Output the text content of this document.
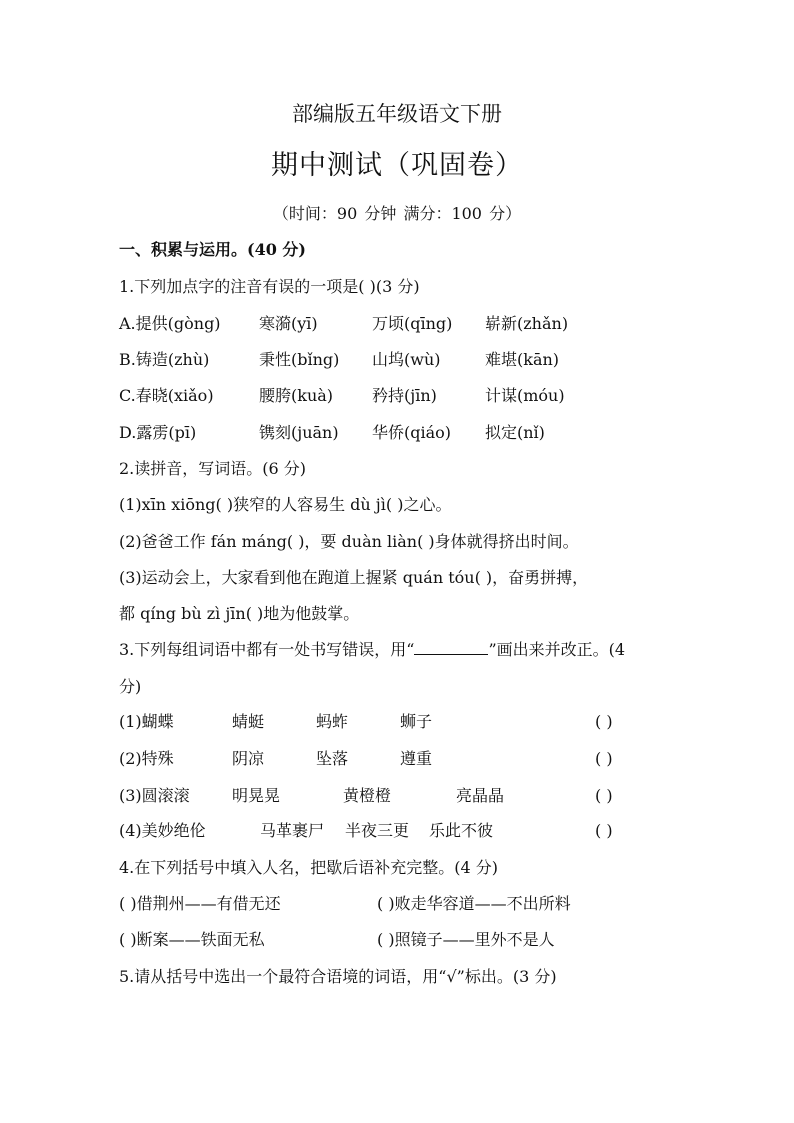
部编版五年级语文下册
期中测试（巩固卷）
（时间：90 分钟 满分：100 分）
一、积累与运用。(40 分)
1.下列加点字的注音有误的一项是( )(3 分)
A.提供(gòng) 寒漪(yī)	万顷(qīng) 崭新(zhǎn)
B.铸造(zhù)	秉性(bǐng) 山坞(wù)	难堪(kān)
C.春晓(xiǎo)	腰胯(kuà) 矜持(jīn)	计谋(móu)
D.露雳(pī)	镌刻(juān) 华侨(qiáo) 拟定(nǐ)
2.读拼音，写词语。(6 分)
(1)xīn xiōng( )狭窄的人容易生 dù jì( )之心。
(2)爸爸工作 fán máng( )，要 duàn liàn( )身体就得挤出时间。
(3)运动会上，大家看到他在跑道上握紧 quán tóu( )，奋勇拼搏，
都 qíng bù zì jīn( )地为他鼓掌。
3.下列每组词语中都有一处书写错误，用“	”画出来并改正。(4
分)
(1)蝴蝶	蜻蜓	蚂蚱	蛳子	( )
(2)特殊	阴凉	坠落	遵重	( )
(3)圆滚滚	明晃晃	黄橙橙	亮晶晶	( )
(4)美妙绝伦	马革裹尸 半夜三更 乐此不彼	( )
4.在下列括号中填入人名，把歇后语补充完整。(4 分)
( )借荆州——有借无还	( )败走华容道——不出所料
( )断案——铁面无私	( )照镜子——里外不是人
5.请从括号中选出一个最符合语境的词语，用“√”标出。(3 分)
